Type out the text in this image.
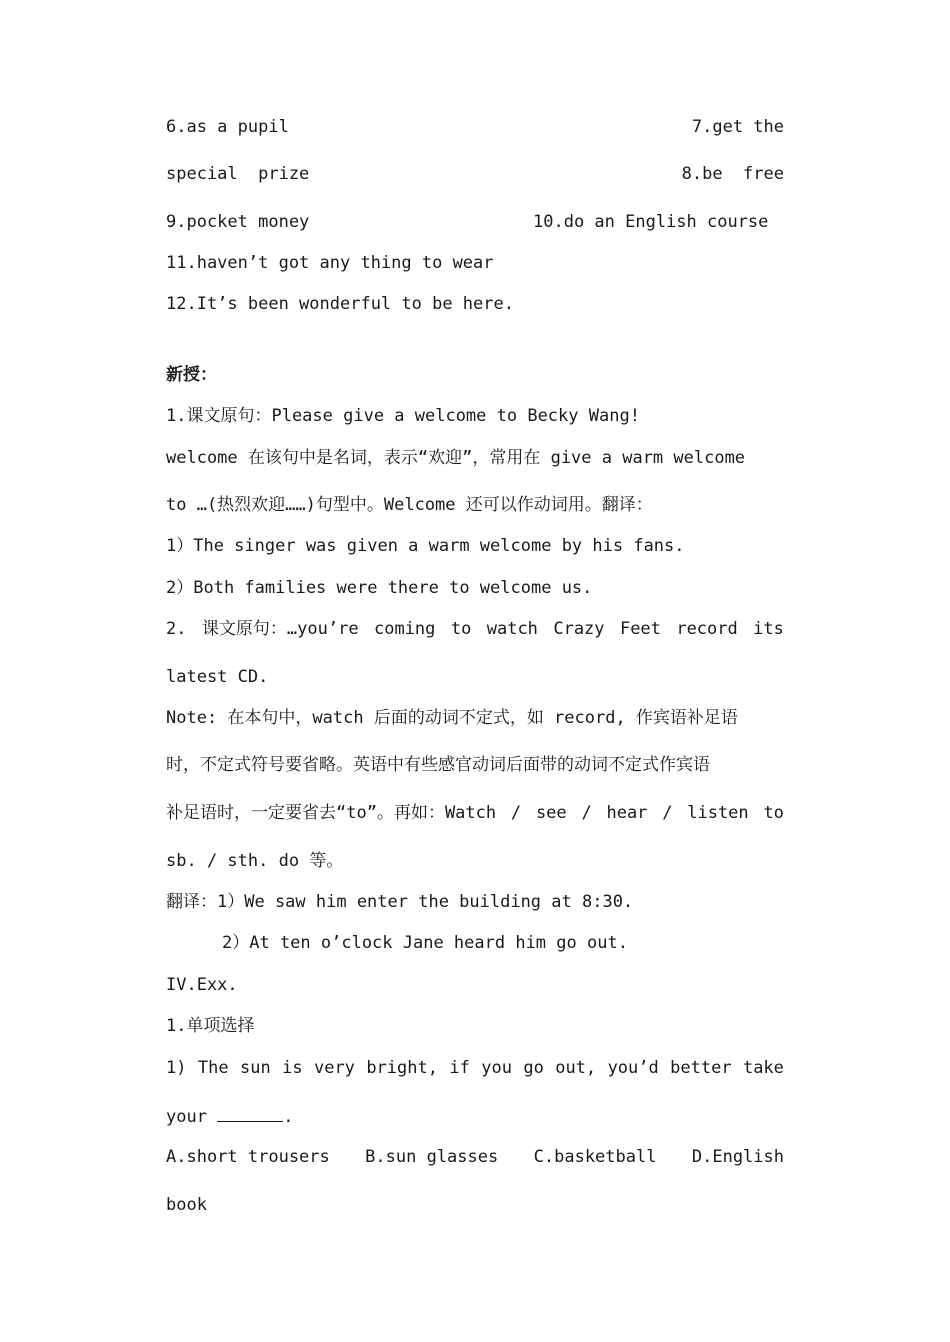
6.as a pupil	7.get the
special  prize	8.be  free
9.pocket money	10.do an English course
11.haven’t got any thing to wear
12.It’s been wonderful to be here.
新授：
1.课文原句：Please give a welcome to Becky Wang!
welcome 在该句中是名词，表示“欢迎”，常用在 give a warm welcome
to …(热烈欢迎……)句型中。Welcome 还可以作动词用。翻译：
1）The singer was given a warm welcome by his fans.
2）Both families were there to welcome us.
2. 课文原句：…you’re coming to watch Crazy Feet record its
latest CD.
Note: 在本句中，watch 后面的动词不定式，如 record, 作宾语补足语
时，不定式符号要省略。英语中有些感官动词后面带的动词不定式作宾语
补足语时，一定要省去“to”。再如：Watch / see / hear / listen to
sb. / sth. do 等。
翻译：1）We saw him enter the building at 8:30.
2）At ten o’clock Jane heard him go out.
IV.Exx.
1.单项选择
1) The sun is very bright, if you go out, you’d better take
your	.
A.short trousers B.sun glasses C.basketball D.English
book
